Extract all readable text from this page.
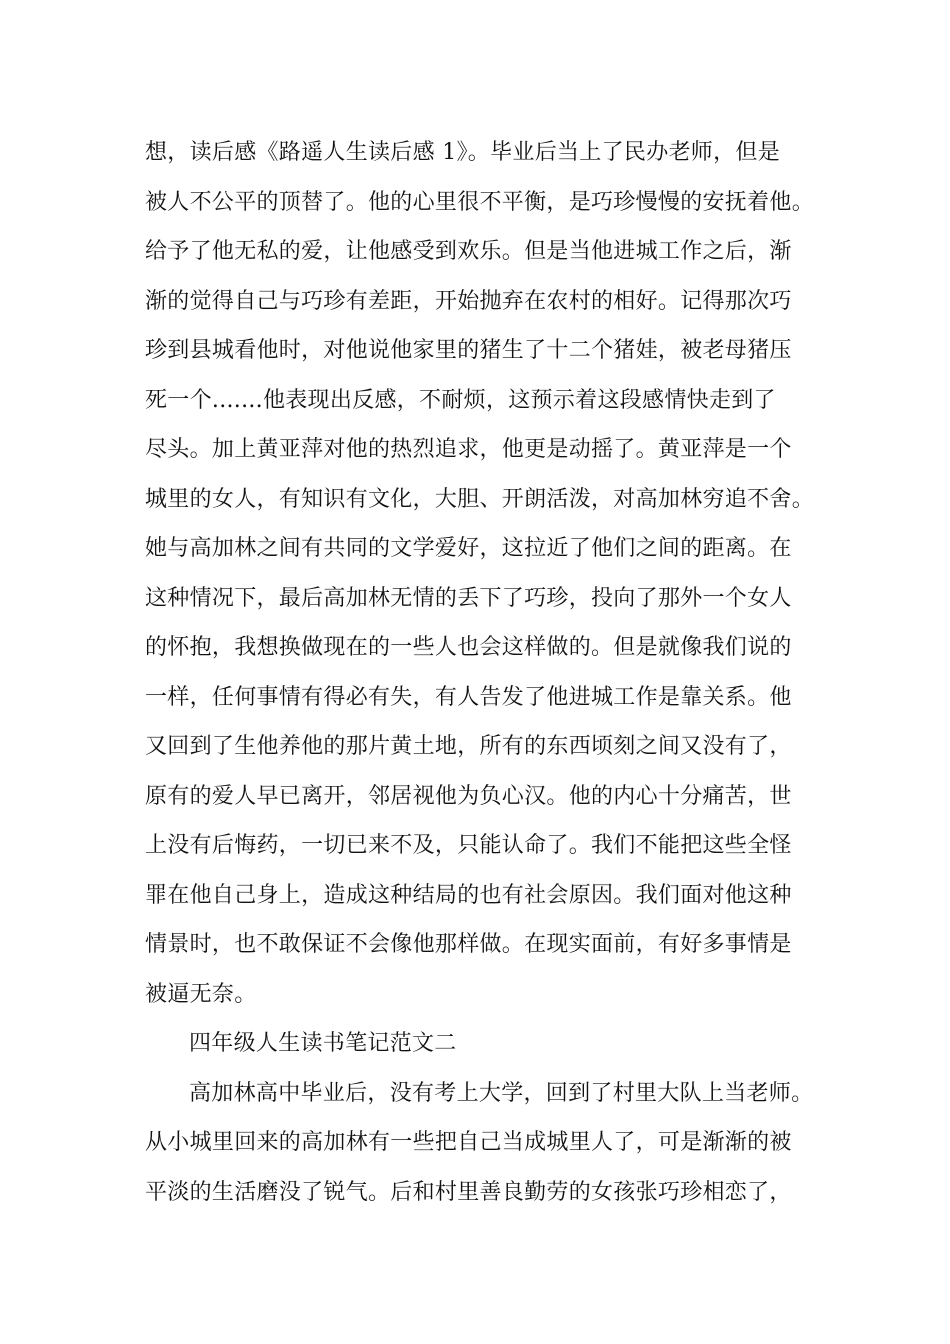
想，读后感《路遥人生读后感 1》。毕业后当上了民办老师，但是
被人不公平的顶替了。他的心里很不平衡，是巧珍慢慢的安抚着他。
给予了他无私的爱，让他感受到欢乐。但是当他进城工作之后，渐
渐的觉得自己与巧珍有差距，开始抛弃在农村的相好。记得那次巧
珍到县城看他时，对他说他家里的猪生了十二个猪娃，被老母猪压
死一个.......他表现出反感，不耐烦，这预示着这段感情快走到了
尽头。加上黄亚萍对他的热烈追求，他更是动摇了。黄亚萍是一个
城里的女人，有知识有文化，大胆、开朗活泼，对高加林穷追不舍。
她与高加林之间有共同的文学爱好，这拉近了他们之间的距离。在
这种情况下，最后高加林无情的丢下了巧珍，投向了那外一个女人
的怀抱，我想换做现在的一些人也会这样做的。但是就像我们说的
一样，任何事情有得必有失，有人告发了他进城工作是靠关系。他
又回到了生他养他的那片黄土地，所有的东西顷刻之间又没有了，
原有的爱人早已离开，邻居视他为负心汉。他的内心十分痛苦，世
上没有后悔药，一切已来不及，只能认命了。我们不能把这些全怪
罪在他自己身上，造成这种结局的也有社会原因。我们面对他这种
情景时，也不敢保证不会像他那样做。在现实面前，有好多事情是
被逼无奈。
四年级人生读书笔记范文二
高加林高中毕业后，没有考上大学，回到了村里大队上当老师。
从小城里回来的高加林有一些把自己当成城里人了，可是渐渐的被
平淡的生活磨没了锐气。后和村里善良勤劳的女孩张巧珍相恋了，
